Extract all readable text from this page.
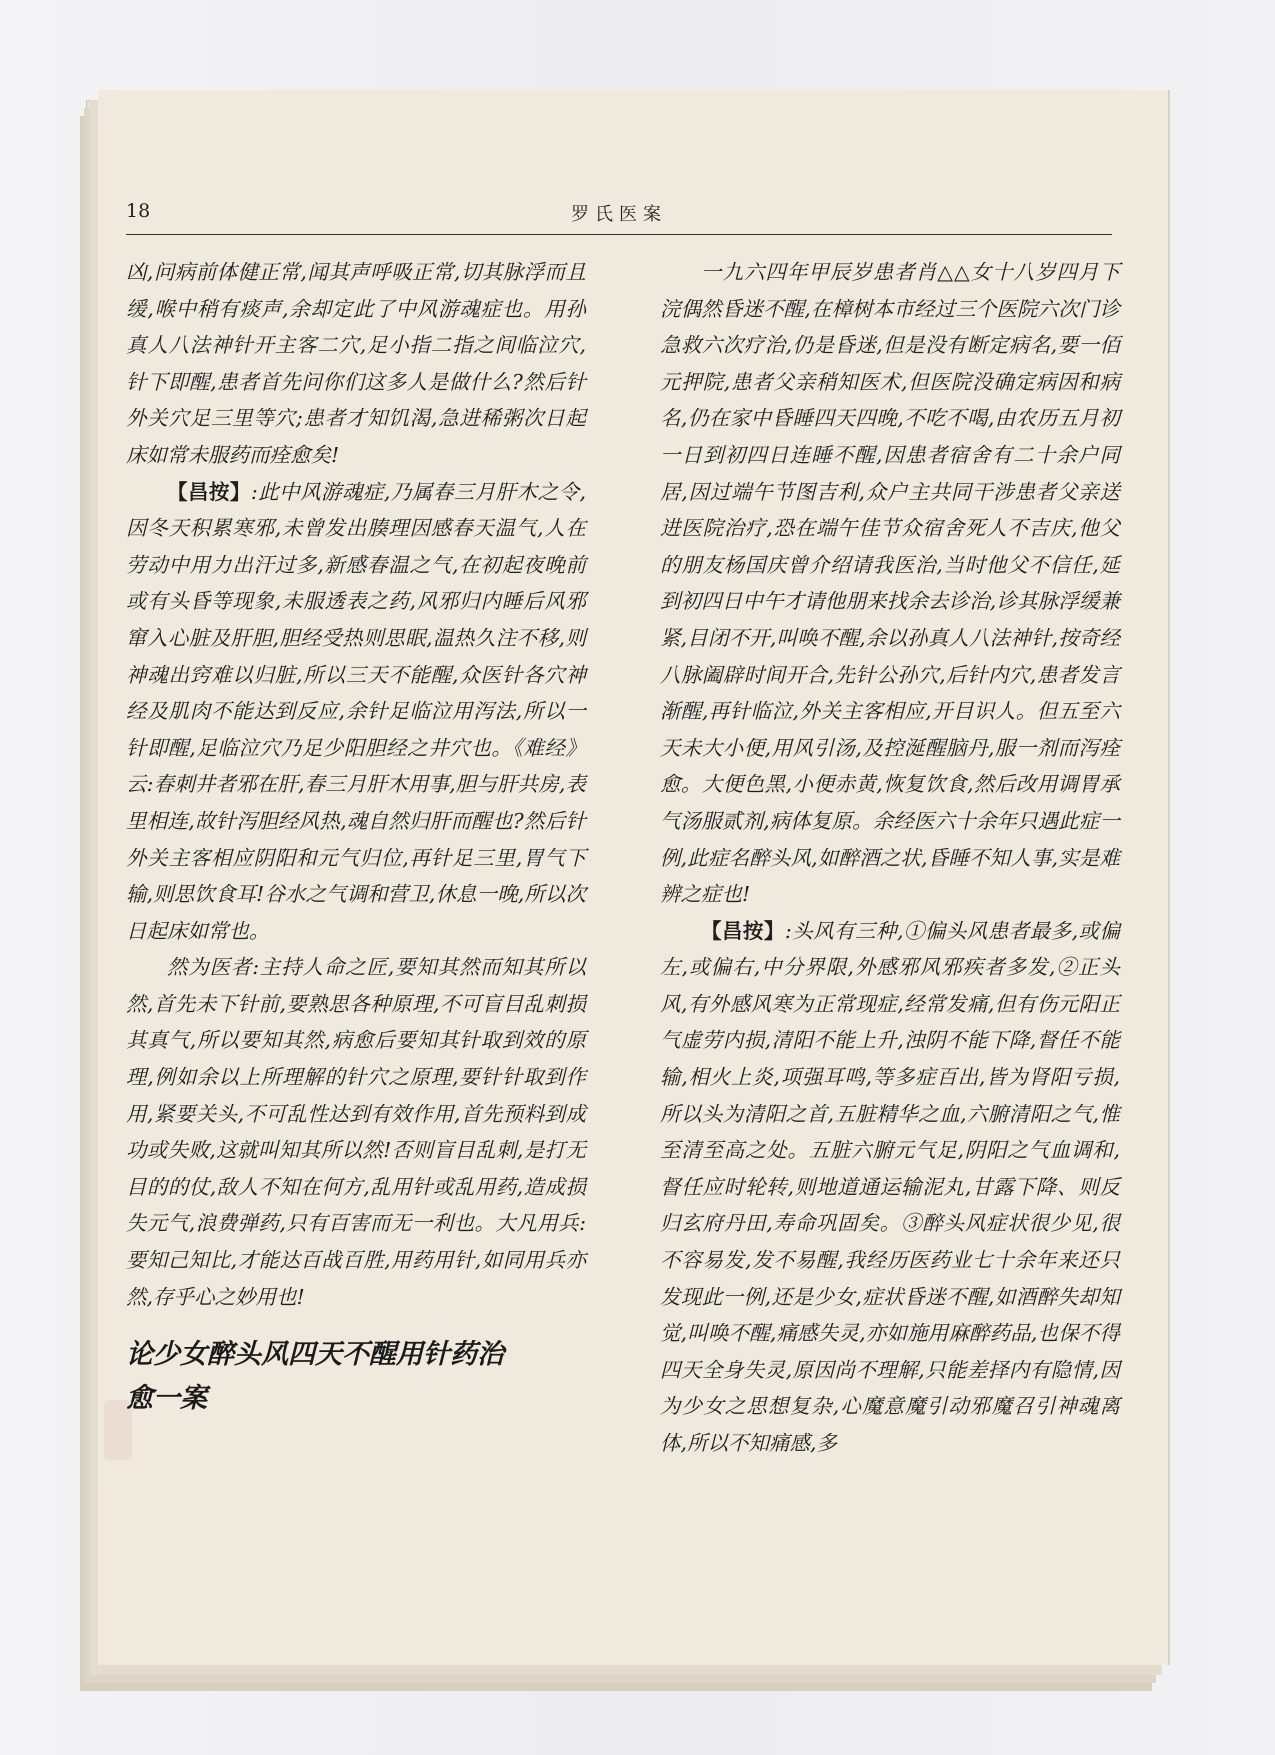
18	罗氏医案

凶,问病前体健正常,闻其声呼吸正常,切其脉浮而且缓,喉中稍有痰声,余却定此了中风游魂症也。用孙真人八法神针开主客二穴,足小指二指之间临泣穴,针下即醒,患者首先问你们这多人是做什么?然后针外关穴足三里等穴;患者才知饥渴,急进稀粥次日起床如常未服药而痊愈矣!

【昌按】:此中风游魂症,乃属春三月肝木之令,因冬天积累寒邪,未曾发出腠理因感春天温气,人在劳动中用力出汗过多,新感春温之气,在初起夜晚前或有头昏等现象,未服透表之药,风邪归内睡后风邪窜入心脏及肝胆,胆经受热则思眠,温热久注不移,则神魂出窍难以归脏,所以三天不能醒,众医针各穴神经及肌肉不能达到反应,余针足临泣用泻法,所以一针即醒,足临泣穴乃足少阳胆经之井穴也。《难经》云:春刺井者邪在肝,春三月肝木用事,胆与肝共房,表里相连,故针泻胆经风热,魂自然归肝而醒也?然后针外关主客相应阴阳和元气归位,再针足三里,胃气下输,则思饮食耳!谷水之气调和营卫,休息一晚,所以次日起床如常也。

然为医者:主持人命之匠,要知其然而知其所以然,首先未下针前,要熟思各种原理,不可盲目乱刺损其真气,所以要知其然,病愈后要知其针取到效的原理,例如余以上所理解的针穴之原理,要针针取到作用,紧要关头,不可乱性达到有效作用,首先预料到成功或失败,这就叫知其所以然!否则盲目乱刺,是打无目的的仗,敌人不知在何方,乱用针或乱用药,造成损失元气,浪费弹药,只有百害而无一利也。大凡用兵:要知己知比,才能达百战百胜,用药用针,如同用兵亦然,存乎心之妙用也!

论少女醉头风四天不醒用针药治
愈一案

一九六四年甲辰岁患者肖△△女十八岁四月下浣偶然昏迷不醒,在樟树本市经过三个医院六次门诊急救六次疗治,仍是昏迷,但是没有断定病名,要一佰元押院,患者父亲稍知医术,但医院没确定病因和病名,仍在家中昏睡四天四晚,不吃不喝,由农历五月初一日到初四日连睡不醒,因患者宿舍有二十余户同居,因过端午节图吉利,众户主共同干涉患者父亲送进医院治疗,恐在端午佳节众宿舍死人不吉庆,他父的朋友杨国庆曾介绍请我医治,当时他父不信任,延到初四日中午才请他朋来找余去诊治,诊其脉浮缓兼紧,目闭不开,叫唤不醒,余以孙真人八法神针,按奇经八脉阖辟时间开合,先针公孙穴,后针内穴,患者发言渐醒,再针临泣,外关主客相应,开目识人。但五至六天未大小便,用风引汤,及控涎醒脑丹,服一剂而泻痊愈。大便色黑,小便赤黄,恢复饮食,然后改用调胃承气汤服贰剂,病体复原。余经医六十余年只遇此症一例,此症名醉头风,如醉酒之状,昏睡不知人事,实是难辨之症也!

【昌按】:头风有三种,①偏头风患者最多,或偏左,或偏右,中分界限,外感邪风邪疾者多发,②正头风,有外感风寒为正常现症,经常发痛,但有伤元阳正气虚劳内损,清阳不能上升,浊阴不能下降,督任不能输,相火上炎,项强耳鸣,等多症百出,皆为肾阳亏损,所以头为清阳之首,五脏精华之血,六腑清阳之气,惟至清至高之处。五脏六腑元气足,阴阳之气血调和,督任应时轮转,则地道通运输泥丸,甘露下降、则反归玄府丹田,寿命巩固矣。③醉头风症状很少见,很不容易发,发不易醒,我经历医药业七十余年来还只发现此一例,还是少女,症状昏迷不醒,如酒醉失却知觉,叫唤不醒,痛感失灵,亦如施用麻醉药品,也保不得四天全身失灵,原因尚不理解,只能差择内有隐情,因为少女之思想复杂,心魔意魔引动邪魔召引神魂离体,所以不知痛感,多
